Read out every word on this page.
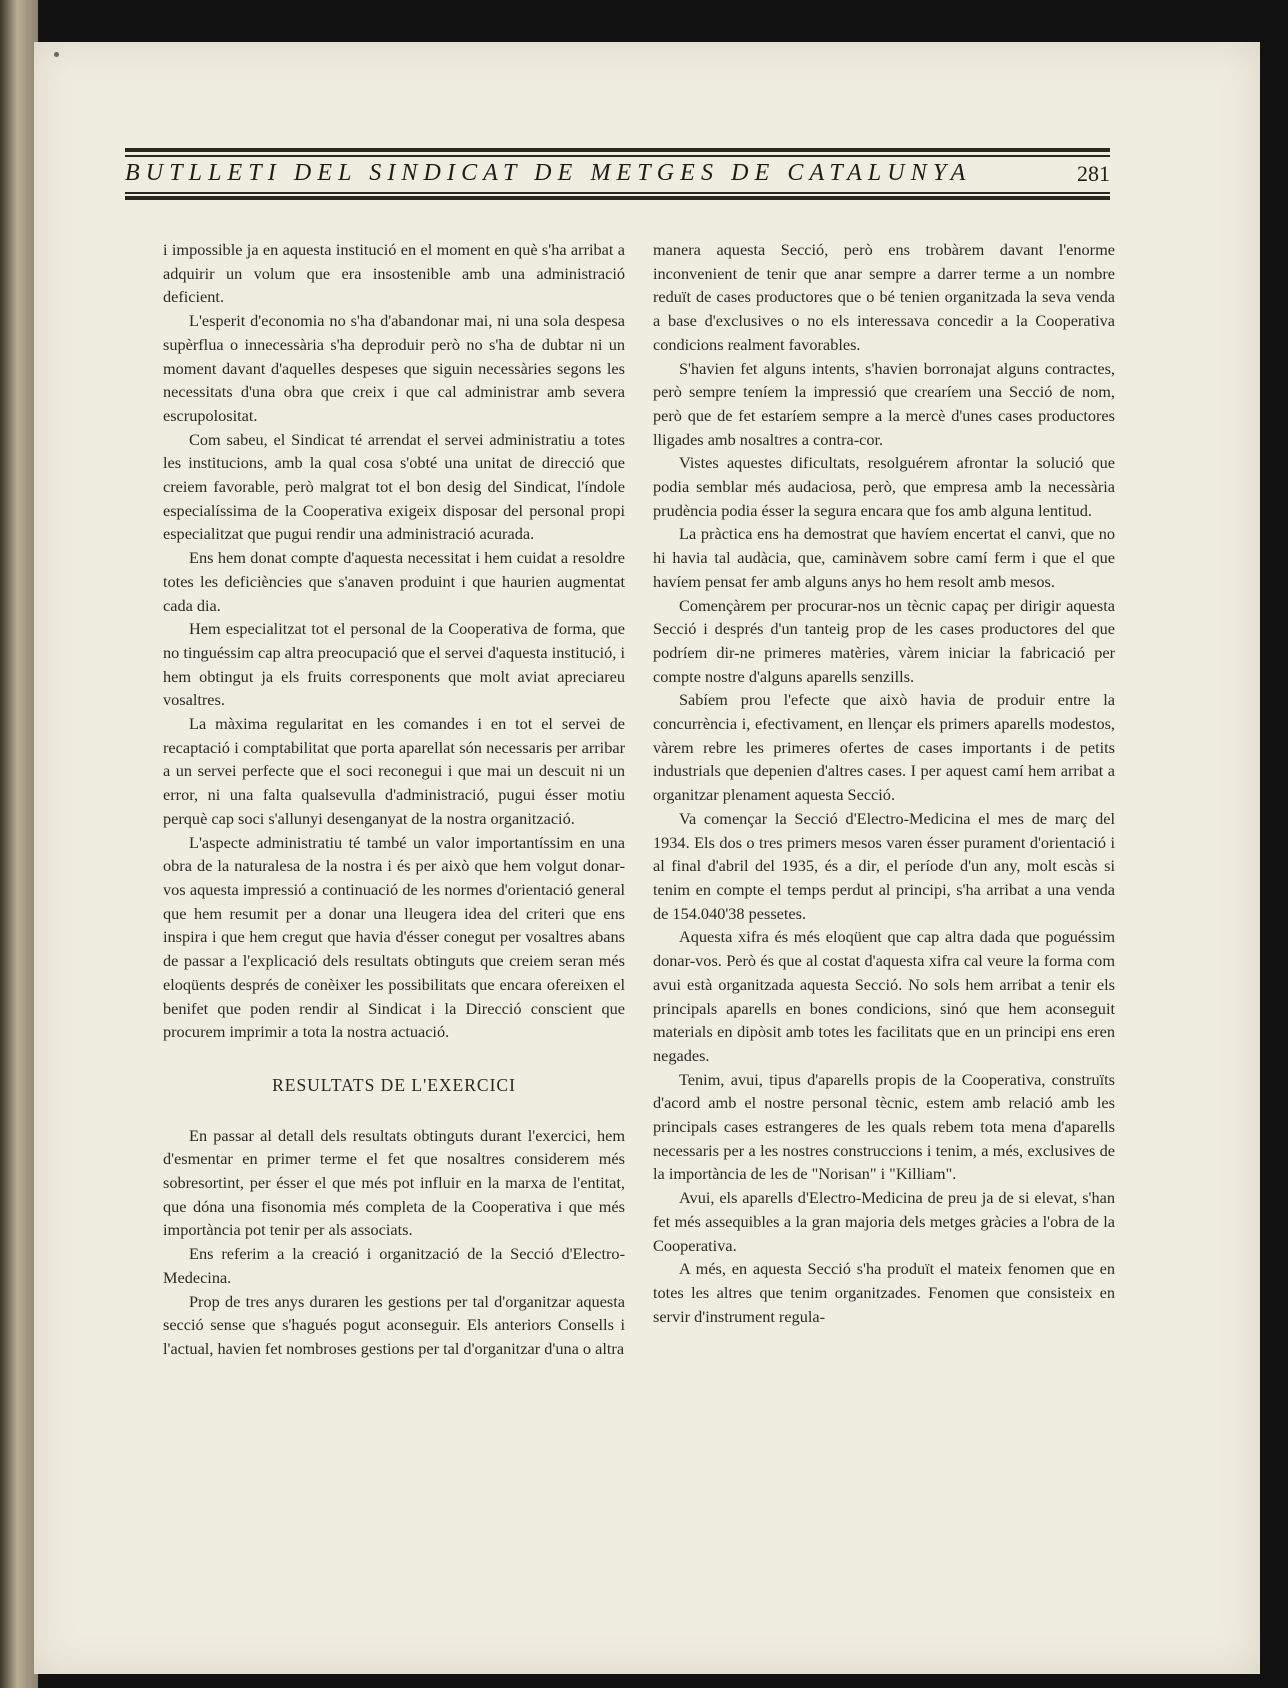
BUTLLETI DEL SINDICAT DE METGES DE CATALUNYA	281

i impossible ja en aquesta institució en el moment en què s'ha arribat a adquirir un volum que era insostenible amb una administració deficient.

L'esperit d'economia no s'ha d'abandonar mai, ni una sola despesa supèrflua o innecessària s'ha deproduir però no s'ha de dubtar ni un moment davant d'aquelles despeses que siguin necessàries segons les necessitats d'una obra que creix i que cal administrar amb severa escrupolositat.

Com sabeu, el Sindicat té arrendat el servei administratiu a totes les institucions, amb la qual cosa s'obté una unitat de direcció que creiem favorable, però malgrat tot el bon desig del Sindicat, l'índole especialíssima de la Cooperativa exigeix disposar del personal propi especialitzat que pugui rendir una administració acurada.

Ens hem donat compte d'aquesta necessitat i hem cuidat a resoldre totes les deficiències que s'anaven produint i que haurien augmentat cada dia.

Hem especialitzat tot el personal de la Cooperativa de forma, que no tinguéssim cap altra preocupació que el servei d'aquesta institució, i hem obtingut ja els fruits corresponents que molt aviat apreciareu vosaltres.

La màxima regularitat en les comandes i en tot el servei de recaptació i comptabilitat que porta aparellat són necessaris per arribar a un servei perfecte que el soci reconegui i que mai un descuit ni un error, ni una falta qualsevulla d'administració, pugui ésser motiu perquè cap soci s'allunyi desenganyat de la nostra organització.

L'aspecte administratiu té també un valor importantíssim en una obra de la naturalesa de la nostra i és per això que hem volgut donar-vos aquesta impressió a continuació de les normes d'orientació general que hem resumit per a donar una lleugera idea del criteri que ens inspira i que hem cregut que havia d'ésser conegut per vosaltres abans de passar a l'explicació dels resultats obtinguts que creiem seran més eloqüents després de conèixer les possibilitats que encara ofereixen el benifet que poden rendir al Sindicat i la Direcció conscient que procurem imprimir a tota la nostra actuació.

RESULTATS DE L'EXERCICI

En passar al detall dels resultats obtinguts durant l'exercici, hem d'esmentar en primer terme el fet que nosaltres considerem més sobresortint, per ésser el que més pot influir en la marxa de l'entitat, que dóna una fisonomia més completa de la Cooperativa i que més importància pot tenir per als associats.

Ens referim a la creació i organització de la Secció d'Electro-Medecina.

Prop de tres anys duraren les gestions per tal d'organitzar aquesta secció sense que s'hagués pogut aconseguir. Els anteriors Consells i l'actual, havien fet nombroses gestions per tal d'organitzar d'una o altra

manera aquesta Secció, però ens trobàrem davant l'enorme inconvenient de tenir que anar sempre a darrer terme a un nombre reduït de cases productores que o bé tenien organitzada la seva venda a base d'exclusives o no els interessava concedir a la Cooperativa condicions realment favorables.

S'havien fet alguns intents, s'havien borronajat alguns contractes, però sempre teníem la impressió que crearíem una Secció de nom, però que de fet estaríem sempre a la mercè d'unes cases productores lligades amb nosaltres a contra-cor.

Vistes aquestes dificultats, resolguérem afrontar la solució que podia semblar més audaciosa, però, que empresa amb la necessària prudència podia ésser la segura encara que fos amb alguna lentitud.

La pràctica ens ha demostrat que havíem encertat el canvi, que no hi havia tal audàcia, que, caminàvem sobre camí ferm i que el que havíem pensat fer amb alguns anys ho hem resolt amb mesos.

Començàrem per procurar-nos un tècnic capaç per dirigir aquesta Secció i després d'un tanteig prop de les cases productores del que podríem dir-ne primeres matèries, vàrem iniciar la fabricació per compte nostre d'alguns aparells senzills.

Sabíem prou l'efecte que això havia de produir entre la concurrència i, efectivament, en llençar els primers aparells modestos, vàrem rebre les primeres ofertes de cases importants i de petits industrials que depenien d'altres cases. I per aquest camí hem arribat a organitzar plenament aquesta Secció.

Va començar la Secció d'Electro-Medicina el mes de març del 1934. Els dos o tres primers mesos varen ésser purament d'orientació i al final d'abril del 1935, és a dir, el període d'un any, molt escàs si tenim en compte el temps perdut al principi, s'ha arribat a una venda de 154.040'38 pessetes.

Aquesta xifra és més eloqüent que cap altra dada que poguéssim donar-vos. Però és que al costat d'aquesta xifra cal veure la forma com avui està organitzada aquesta Secció. No sols hem arribat a tenir els principals aparells en bones condicions, sinó que hem aconseguit materials en dipòsit amb totes les facilitats que en un principi ens eren negades.

Tenim, avui, tipus d'aparells propis de la Cooperativa, construïts d'acord amb el nostre personal tècnic, estem amb relació amb les principals cases estrangeres de les quals rebem tota mena d'aparells necessaris per a les nostres construccions i tenim, a més, exclusives de la importància de les de "Norisan" i "Killiam".

Avui, els aparells d'Electro-Medicina de preu ja de si elevat, s'han fet més assequibles a la gran majoria dels metges gràcies a l'obra de la Cooperativa.

A més, en aquesta Secció s'ha produït el mateix fenomen que en totes les altres que tenim organitzades. Fenomen que consisteix en servir d'instrument regula-
